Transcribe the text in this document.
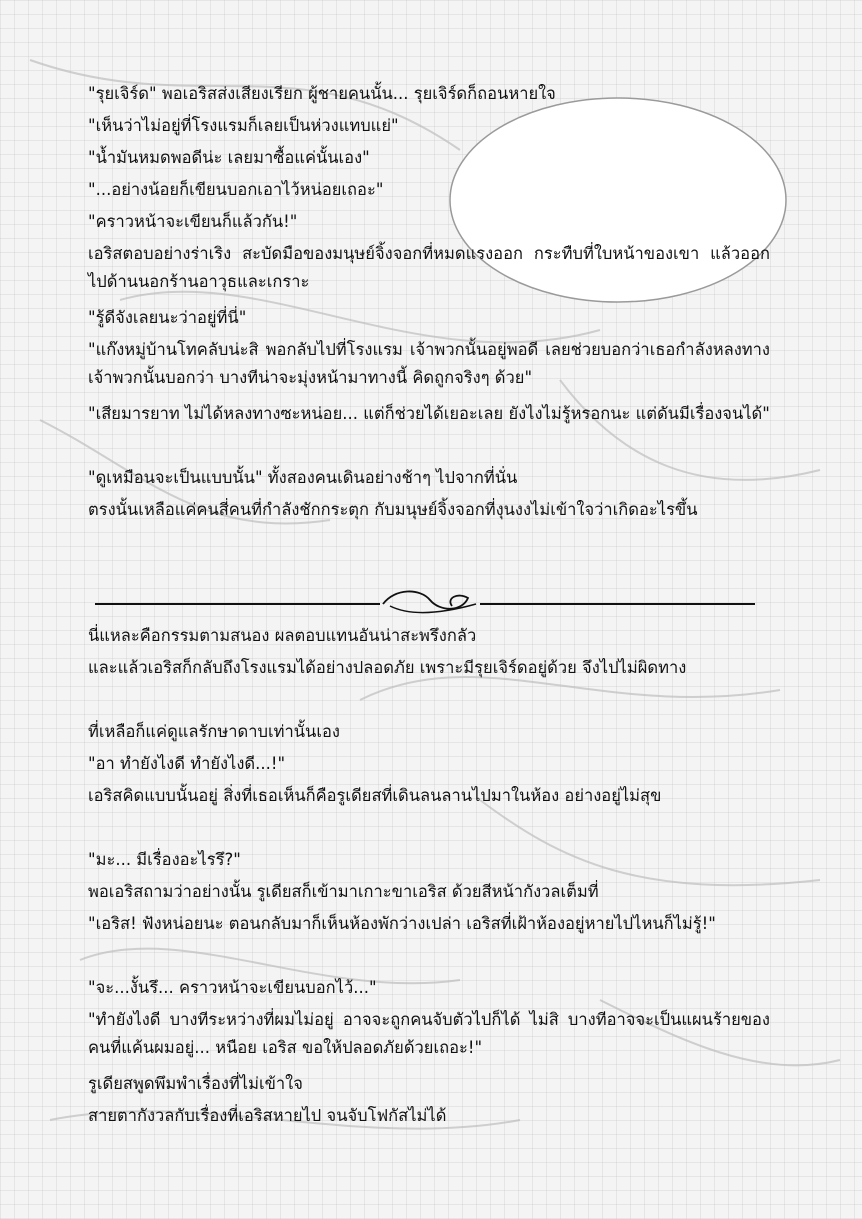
"รุยเจิร์ด" พอเอริสส่งเสียงเรียก ผู้ชายคนนั้น... รุยเจิร์ดก็ถอนหายใจ

"เห็นว่าไม่อยู่ที่โรงแรมก็เลยเป็นห่วงแทบแย่"

"น้ำมันหมดพอดีน่ะ เลยมาซื้อแค่นั้นเอง"

"...อย่างน้อยก็เขียนบอกเอาไว้หน่อยเถอะ"

"คราวหน้าจะเขียนก็แล้วกัน!"

เอริสตอบอย่างร่าเริง สะบัดมือของมนุษย์จิ้งจอกที่หมดแรงออก กระทืบที่ใบหน้าของเขา แล้วออกไปด้านนอกร้านอาวุธและเกราะ

"รู้ดีจังเลยนะว่าอยู่ที่นี่"

"แก๊งหมู่บ้านโทคลับน่ะสิ พอกลับไปที่โรงแรม เจ้าพวกนั้นอยู่พอดี เลยช่วยบอกว่าเธอกำลังหลงทาง เจ้าพวกนั้นบอกว่า บางทีน่าจะมุ่งหน้ามาทางนี้ คิดถูกจริงๆ ด้วย"

"เสียมารยาท ไม่ได้หลงทางซะหน่อย... แต่ก็ช่วยได้เยอะเลย ยังไงไม่รู้หรอกนะ แต่ดันมีเรื่องจนได้"

"ดูเหมือนจะเป็นแบบนั้น" ทั้งสองคนเดินอย่างช้าๆ ไปจากที่นั่น

ตรงนั้นเหลือแค่คนสี่คนที่กำลังชักกระตุก กับมนุษย์จิ้งจอกที่งุนงงไม่เข้าใจว่าเกิดอะไรขึ้น

นี่แหละคือกรรมตามสนอง ผลตอบแทนอันน่าสะพรึงกลัว

และแล้วเอริสก็กลับถึงโรงแรมได้อย่างปลอดภัย เพราะมีรุยเจิร์ดอยู่ด้วย จึงไปไม่ผิดทาง

ที่เหลือก็แค่ดูแลรักษาดาบเท่านั้นเอง

"อา ทำยังไงดี ทำยังไงดี...!"

เอริสคิดแบบนั้นอยู่ สิ่งที่เธอเห็นก็คือรูเดียสที่เดินลนลานไปมาในห้อง อย่างอยู่ไม่สุข

"มะ... มีเรื่องอะไรรึ?"

พอเอริสถามว่าอย่างนั้น รูเดียสก็เข้ามาเกาะขาเอริส ด้วยสีหน้ากังวลเต็มที่

"เอริส! ฟังหน่อยนะ ตอนกลับมาก็เห็นห้องพักว่างเปล่า เอริสที่เฝ้าห้องอยู่หายไปไหนก็ไม่รู้!"

"จะ...งั้นรึ... คราวหน้าจะเขียนบอกไว้..."

"ทำยังไงดี บางทีระหว่างที่ผมไม่อยู่ อาจจะถูกคนจับตัวไปก็ได้ ไม่สิ บางทีอาจจะเป็นแผนร้ายของคนที่แค้นผมอยู่... หนือย เอริส ขอให้ปลอดภัยด้วยเถอะ!"

รูเดียสพูดพึมพำเรื่องที่ไม่เข้าใจ

สายตากังวลกับเรื่องที่เอริสหายไป จนจับโฟกัสไม่ได้
